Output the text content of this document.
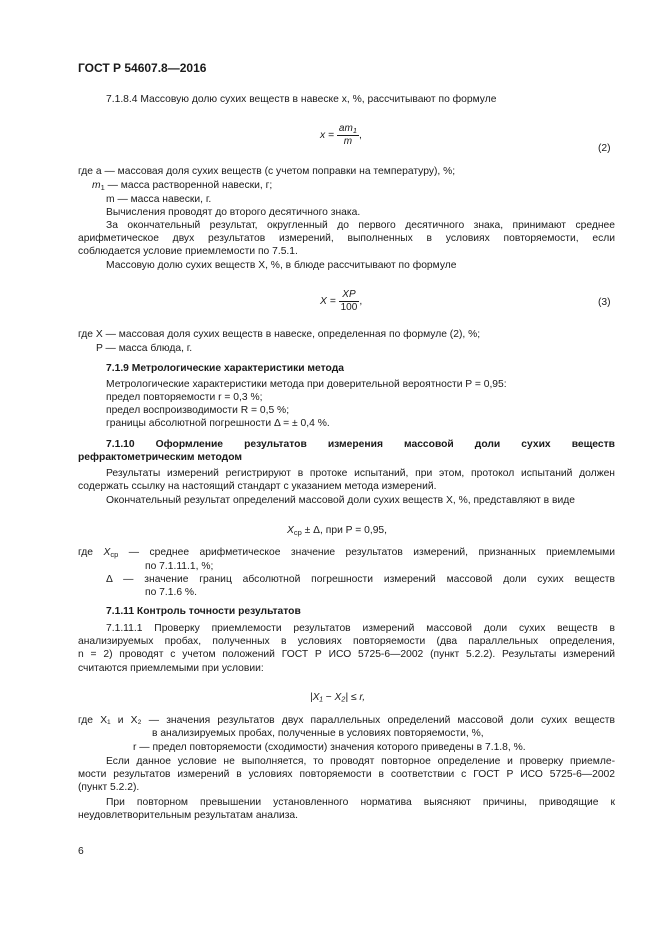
ГОСТ Р 54607.8—2016
7.1.8.4 Массовую долю сухих веществ в навеске x, %, рассчитывают по формуле
$x = \frac{am_1}{m}$ ,
(2)
где a — массовая доля сухих веществ (с учетом поправки на температуру), %;
$m_1$ — масса растворенной навески, г;
m — масса навески, г.
Вычисления проводят до второго десятичного знака.
За окончательный результат, округленный до первого десятичного знака, принимают среднее
арифметическое двух результатов измерений, выполненных в условиях повторяемости, если
соблюдается условие приемлемости по 7.5.1.
Массовую долю сухих веществ X, %, в блюде рассчитывают по формуле
$X = \frac{XP}{100}$ ,	(3)
где X — массовая доля сухих веществ в навеске, определенная по формуле (2), %;
P — масса блюда, г.
7.1.9 Метрологические характеристики метода
Метрологические характеристики метода при доверительной вероятности P = 0,95:
предел повторяемости r = 0,3 %;
предел воспроизводимости R = 0,5 %;
границы абсолютной погрешности Δ = ± 0,4 %.
7.1.10 Оформление результатов измерения массовой доли сухих веществ
рефрактометрическим методом
Результаты измерений регистрируют в протоке испытаний, при этом, протокол испытаний должен
содержать ссылку на настоящий стандарт с указанием метода измерений.
Окончательный результат определений массовой доли сухих веществ X, %, представляют в виде
$X_{ср} \pm \Delta$, при P = 0,95,
где $X_{ср}$ — среднее арифметическое значение результатов измерений, признанных приемлемыми
по 7.1.11.1, %;
Δ — значение границ абсолютной погрешности измерений массовой доли сухих веществ
по 7.1.6 %.
7.1.11 Контроль точности результатов
7.1.11.1 Проверку приемлемости результатов измерений массовой доли сухих веществ в
анализируемых пробах, полученных в условиях повторяемости (два параллельных определения,
n = 2) проводят с учетом положений ГОСТ Р ИСО 5725-6—2002 (пункт 5.2.2). Результаты измерений
считаются приемлемыми при условии:
|X₁ − X₂| ≤ r,
где X₁ и X₂ — значения результатов двух параллельных определений массовой доли сухих веществ
в анализируемых пробах, полученные в условиях повторяемости, %,
r — предел повторяемости (сходимости) значения которого приведены в 7.1.8, %.
Если данное условие не выполняется, то проводят повторное определение и проверку приемле-
мости результатов измерений в условиях повторяемости в соответствии с ГОСТ Р ИСО 5725-6—2002
(пункт 5.2.2).
При повторном превышении установленного норматива выясняют причины, приводящие к
неудовлетворительным результатам анализа.
6
